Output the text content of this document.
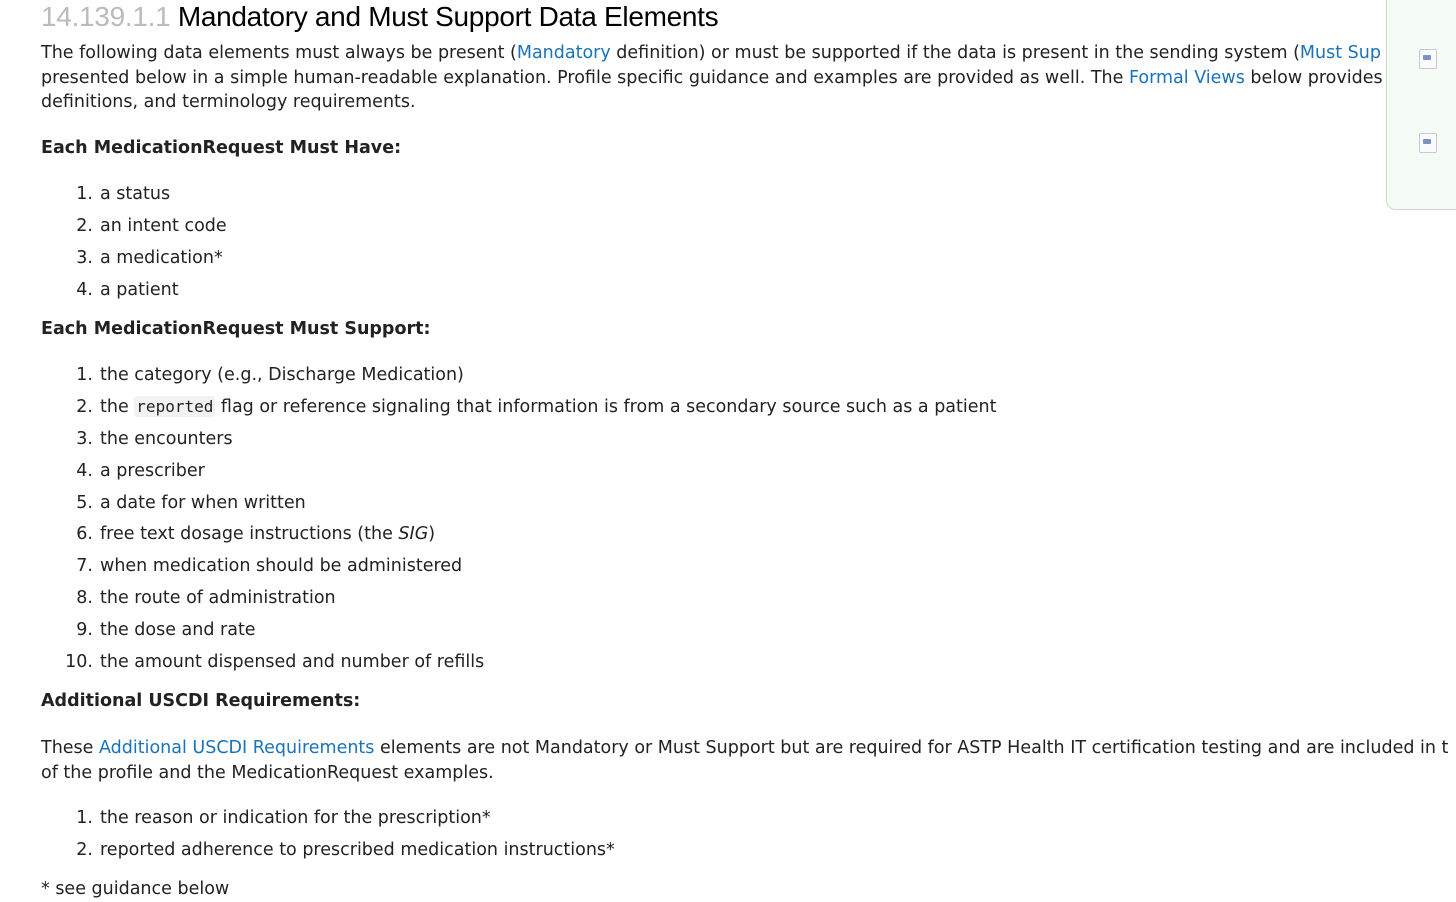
14.139.1.1 Mandatory and Must Support Data Elements
The following data elements must always be present (Mandatory definition) or must be supported if the data is present in the sending system (Must Sup
presented below in a simple human-readable explanation. Profile specific guidance and examples are provided as well. The Formal Views below provides
definitions, and terminology requirements.
Each MedicationRequest Must Have:
1. a status
2. an intent code
3. a medication*
4. a patient
Each MedicationRequest Must Support:
1. the category (e.g., Discharge Medication)
2. the reported flag or reference signaling that information is from a secondary source such as a patient
3. the encounters
4. a prescriber
5. a date for when written
6. free text dosage instructions (the SIG)
7. when medication should be administered
8. the route of administration
9. the dose and rate
10. the amount dispensed and number of refills
Additional USCDI Requirements:
These Additional USCDI Requirements elements are not Mandatory or Must Support but are required for ASTP Health IT certification testing and are included in t
of the profile and the MedicationRequest examples.
1. the reason or indication for the prescription*
2. reported adherence to prescribed medication instructions*
* see guidance below
